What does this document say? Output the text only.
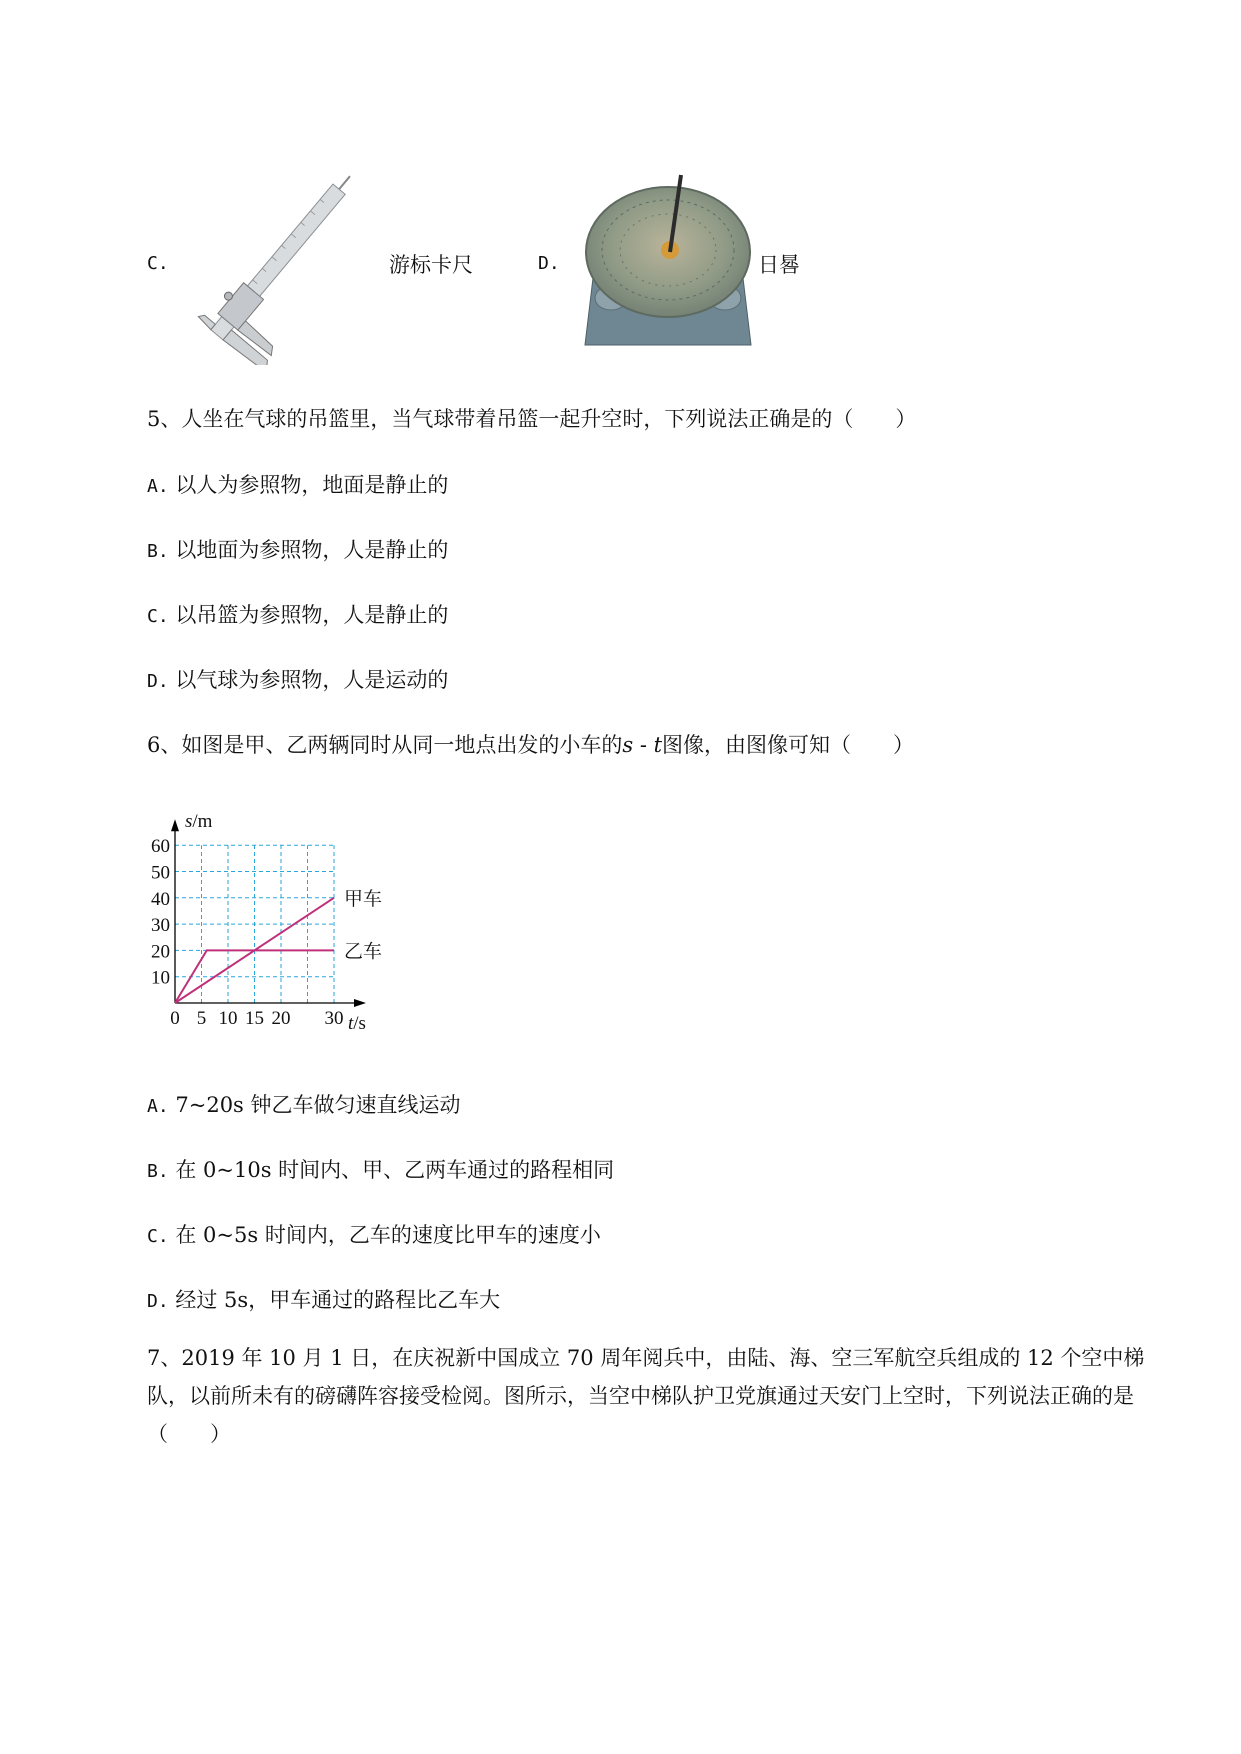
C.	游标卡尺	D.	日晷
5、人坐在气球的吊篮里，当气球带着吊篮一起升空时，下列说法正确是的（　　）
A. 以人为参照物，地面是静止的
B. 以地面为参照物，人是静止的
C. 以吊篮为参照物，人是静止的
D. 以气球为参照物，人是运动的
6、如图是甲、乙两辆同时从同一地点出发的小车的s - t图像，由图像可知（　　）
甲车
乙车
10
20
30
40
50
60
5 10 15 20 30
0
s/m
t/s
A. 7~20s 钟乙车做匀速直线运动
B. 在 0~10s 时间内、甲、乙两车通过的路程相同
C. 在 0~5s 时间内，乙车的速度比甲车的速度小
D. 经过 5s，甲车通过的路程比乙车大
7、2019 年 10 月 1 日，在庆祝新中国成立 70 周年阅兵中，由陆、海、空三军航空兵组成的 12 个空中梯队，以前所未有的磅礴阵容接受检阅。图所示，当空中梯队护卫党旗通过天安门上空时，下列说法正确的是（　　）
